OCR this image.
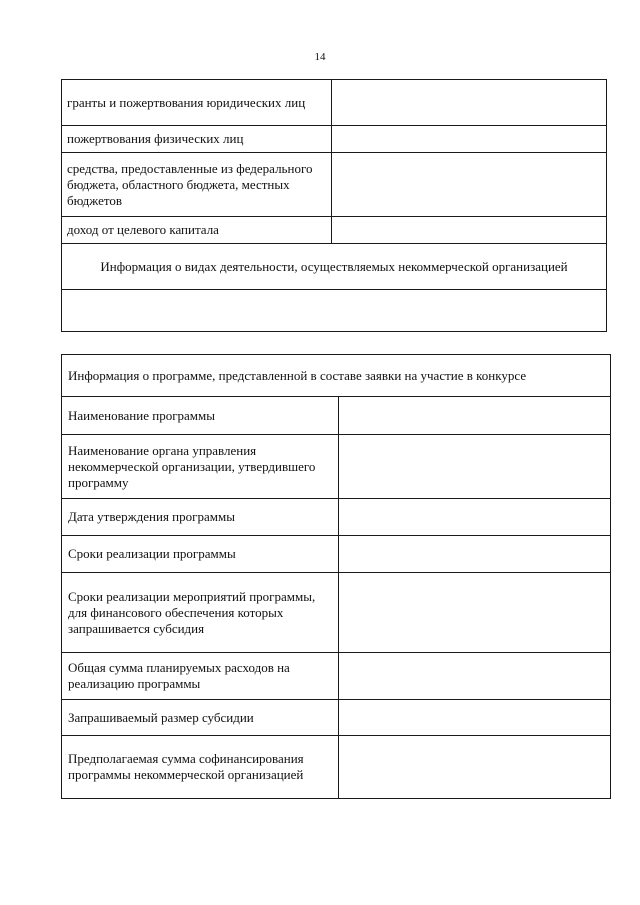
14
гранты и пожертвования юридических лиц	
пожертвования физических лиц	
средства, предоставленные из федерального бюджета, областного бюджета, местных бюджетов	
доход от целевого капитала	
Информация о видах деятельности, осуществляемых некоммерческой организацией	

Информация о программе, представленной в составе заявки на участие в конкурсе	
Наименование программы	
Наименование органа управления некоммерческой организации, утвердившего программу	
Дата утверждения программы	
Сроки реализации программы	
Сроки реализации мероприятий программы, для финансового обеспечения которых запрашивается субсидия	
Общая сумма планируемых расходов на реализацию программы	
Запрашиваемый размер субсидии	
Предполагаемая сумма софинансирования программы некоммерческой организацией	
